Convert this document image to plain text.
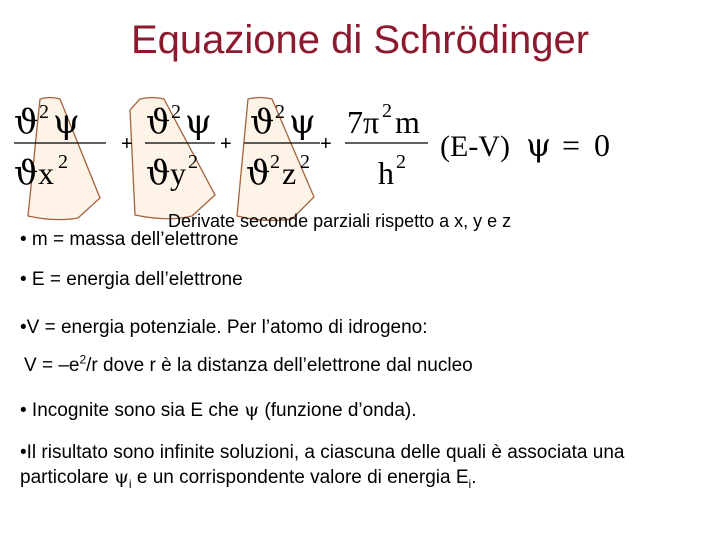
Equazione di Schrödinger
ϑ 2 ψ
ϑ x 2
+
ϑ 2 ψ
ϑ y 2
+
ϑ 2 ψ
ϑ 2 z 2
+
7π 2 m
h 2 (E-V) ψ = 0
Derivate seconde parziali rispetto a x, y e z
• m = massa dell’elettrone
• E = energia dell’elettrone
•V = energia potenziale. Per l’atomo di idrogeno:
$V = -e^2/r$ dove r è la distanza dell’elettrone dal nucleo
• Incognite sono sia E che ψ (funzione d’onda).
•Il risultato sono infinite soluzioni, a ciascuna delle quali è associata una particolare $\psi_i$ e un corrispondente valore di energia $E_i$.
